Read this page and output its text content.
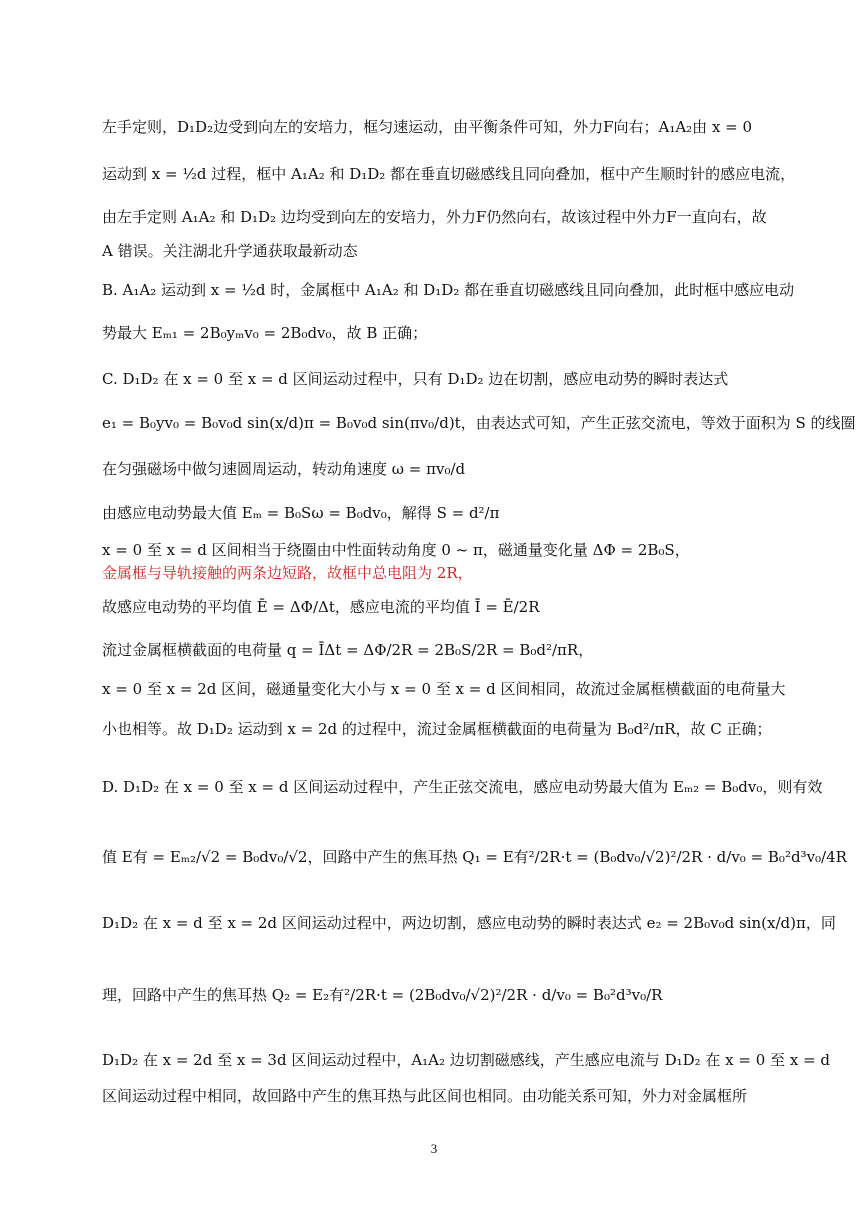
左手定则，D₁D₂边受到向左的安培力，框匀速运动，由平衡条件可知，外力F向右；A₁A₂由 x = 0
运动到 x = ½d 过程，框中 A₁A₂ 和 D₁D₂ 都在垂直切磁感线且同向叠加，框中产生顺时针的感应电流，
由左手定则 A₁A₂ 和 D₁D₂ 边均受到向左的安培力，外力F仍然向右，故该过程中外力F一直向右，故
A 错误。关注湖北升学通获取最新动态
B. A₁A₂ 运动到 x = ½d 时，金属框中 A₁A₂ 和 D₁D₂ 都在垂直切磁感线且同向叠加，此时框中感应电动
势最大 Eₘ₁ = 2B₀yₘv₀ = 2B₀dv₀，故 B 正确；
C. D₁D₂ 在 x = 0 至 x = d 区间运动过程中，只有 D₁D₂ 边在切割，感应电动势的瞬时表达式
e₁ = B₀yv₀ = B₀v₀d sin(x/d)π = B₀v₀d sin(πv₀/d)t，由表达式可知，产生正弦交流电，等效于面积为 S 的线圈
在匀强磁场中做匀速圆周运动，转动角速度 ω = πv₀/d
由感应电动势最大值 Eₘ = B₀Sω = B₀dv₀，解得 S = d²/π
x = 0 至 x = d 区间相当于绕圈由中性面转动角度 0 ~ π，磁通量变化量 ΔΦ = 2B₀S，
金属框与导轨接触的两条边短路，故框中总电阻为 2R，
故感应电动势的平均值 Ē = ΔΦ/Δt，感应电流的平均值 Ī = Ē/2R
流过金属框横截面的电荷量 q = ĪΔt = ΔΦ/2R = 2B₀S/2R = B₀d²/πR，
x = 0 至 x = 2d 区间，磁通量变化大小与 x = 0 至 x = d 区间相同，故流过金属框横截面的电荷量大
小也相等。故 D₁D₂ 运动到 x = 2d 的过程中，流过金属框横截面的电荷量为 B₀d²/πR，故 C 正确；
D. D₁D₂ 在 x = 0 至 x = d 区间运动过程中，产生正弦交流电，感应电动势最大值为 Eₘ₂ = B₀dv₀，则有效
值 E有 = Eₘ₂/√2 = B₀dv₀/√2，回路中产生的焦耳热 Q₁ = E有²/2R·t = (B₀dv₀/√2)²/2R · d/v₀ = B₀²d³v₀/4R
D₁D₂ 在 x = d 至 x = 2d 区间运动过程中，两边切割，感应电动势的瞬时表达式 e₂ = 2B₀v₀d sin(x/d)π，同
理，回路中产生的焦耳热 Q₂ = E₂有²/2R·t = (2B₀dv₀/√2)²/2R · d/v₀ = B₀²d³v₀/R
D₁D₂ 在 x = 2d 至 x = 3d 区间运动过程中，A₁A₂ 边切割磁感线，产生感应电流与 D₁D₂ 在 x = 0 至 x = d
区间运动过程中相同，故回路中产生的焦耳热与此区间也相同。由功能关系可知，外力对金属框所
3
